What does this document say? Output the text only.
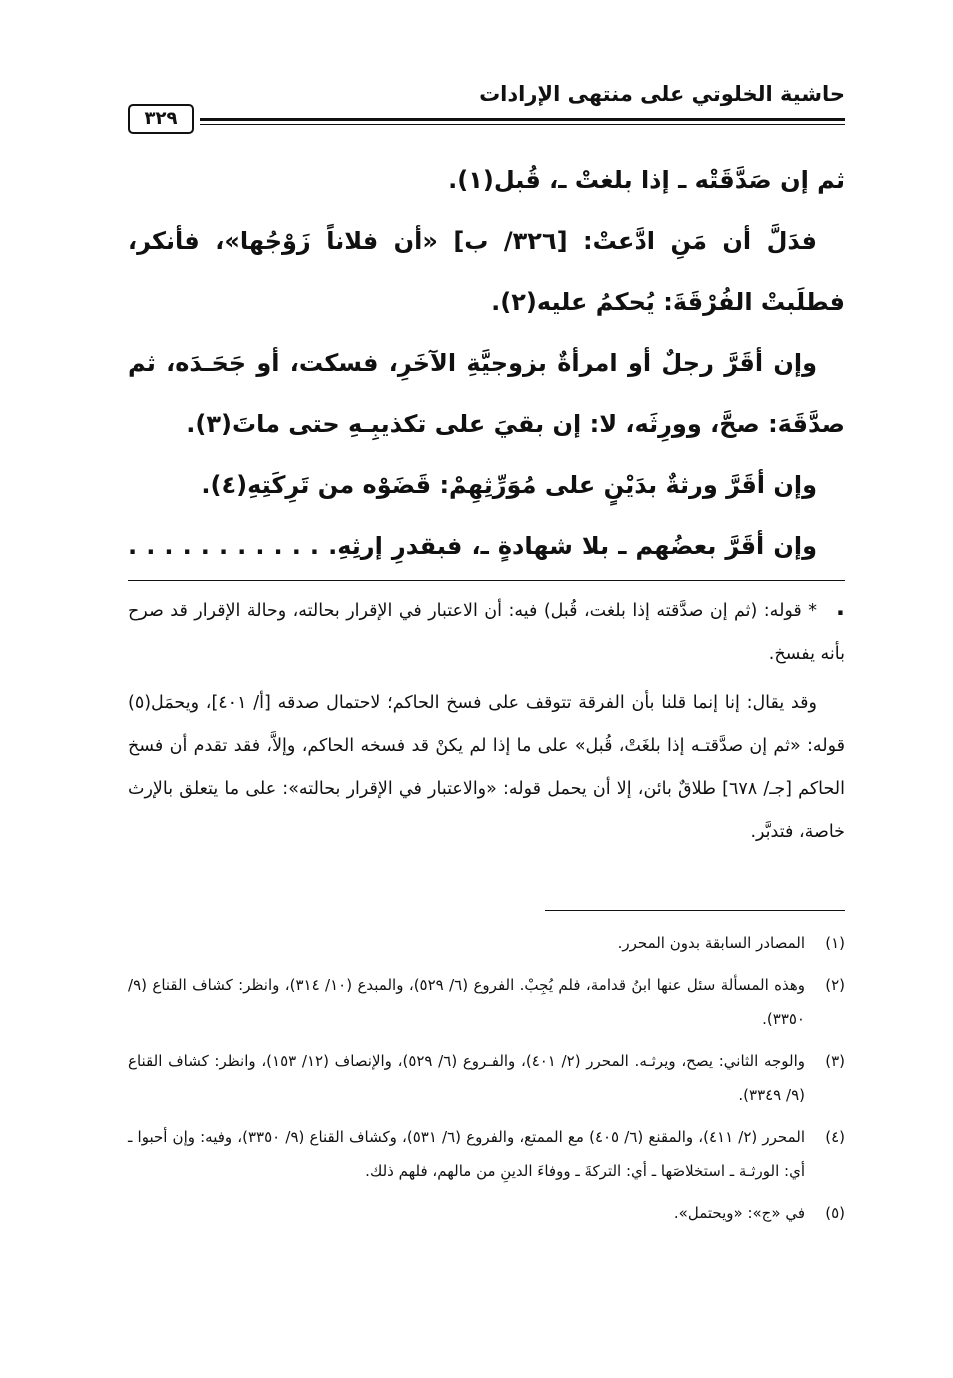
حاشية الخلوتي على منتهى الإرادات
٣٢٩

ثم إن صَدَّقَتْه ـ إذا بلغتْ ـ، قُبل(١).

فدَلَّ أن مَنِ ادَّعتْ: [٣٢٦/ ب] «أن فلاناً زَوْجُها»، فأنكر، فطلَبتْ الفُرْقَةَ: يُحكمُ عليه(٢).

وإن أقَرَّ رجلٌ أو امرأةٌ بزوجيَّةِ الآخَرِ، فسكت، أو جَحَـدَه، ثم صدَّقَهَ: صحَّ، وورِثَه، لا: إن بقيَ على تكذيبِـهِ حتى ماتَ(٣).

وإن أقَرَّ ورثةٌ بدَيْنٍ على مُوَرِّثِهِمْ: قَضَوْه من تَرِكَتِهِ(٤).

وإن أقَرَّ بعضُهم ـ بلا شهادةٍ ـ، فبقدرِ إرثِهِ. . . . . . . . . . . . .

* قوله: (ثم إن صدَّقته إذا بلغت، قُبل) فيه: أن الاعتبار في الإقرار بحالته، وحالة الإقرار قد صرح بأنه يفسخ.

وقد يقال: إنا إنما قلنا بأن الفرقة تتوقف على فسخ الحاكم؛ لاحتمال صدقه [أ/ ٤٠١]، ويحمَل(٥) قوله: «ثم إن صدَّقتـه إذا بلغَتْ، قُبل» على ما إذا لم يكنْ قد فسخه الحاكم، وإلاَّ، فقد تقدم أن فسخ الحاكم [جـ/ ٦٧٨] طلاقٌ بائن، إلا أن يحمل قوله: «والاعتبار في الإقرار بحالته»: على ما يتعلق بالإرث خاصة، فتدبَّر.

(١)
المصادر السابقة بدون المحرر.
(٢)
وهذه المسألة سئل عنها ابنُ قدامة، فلم يُجِبْ. الفروع (٦/ ٥٢٩)، والمبدع (١٠/ ٣١٤)، وانظر: كشاف القناع (٩/ ٣٣٥٠).
(٣)
والوجه الثاني: يصح، ويرثـه. المحرر (٢/ ٤٠١)، والفـروع (٦/ ٥٢٩)، والإنصاف (١٢/ ١٥٣)، وانظر: كشاف القناع (٩/ ٣٣٤٩).
(٤)
المحرر (٢/ ٤١١)، والمقنع (٦/ ٤٠٥) مع الممتع، والفروع (٦/ ٥٣١)، وكشاف القناع (٩/ ٣٣٥٠)، وفيه: وإن أحبوا ـ أي: الورثـة ـ استخلاصَها ـ أي: التركةَ ـ ووفاءَ الدينِ من مالهم، فلهم ذلك.
(٥)
في «ج»: «ويحتمل».
